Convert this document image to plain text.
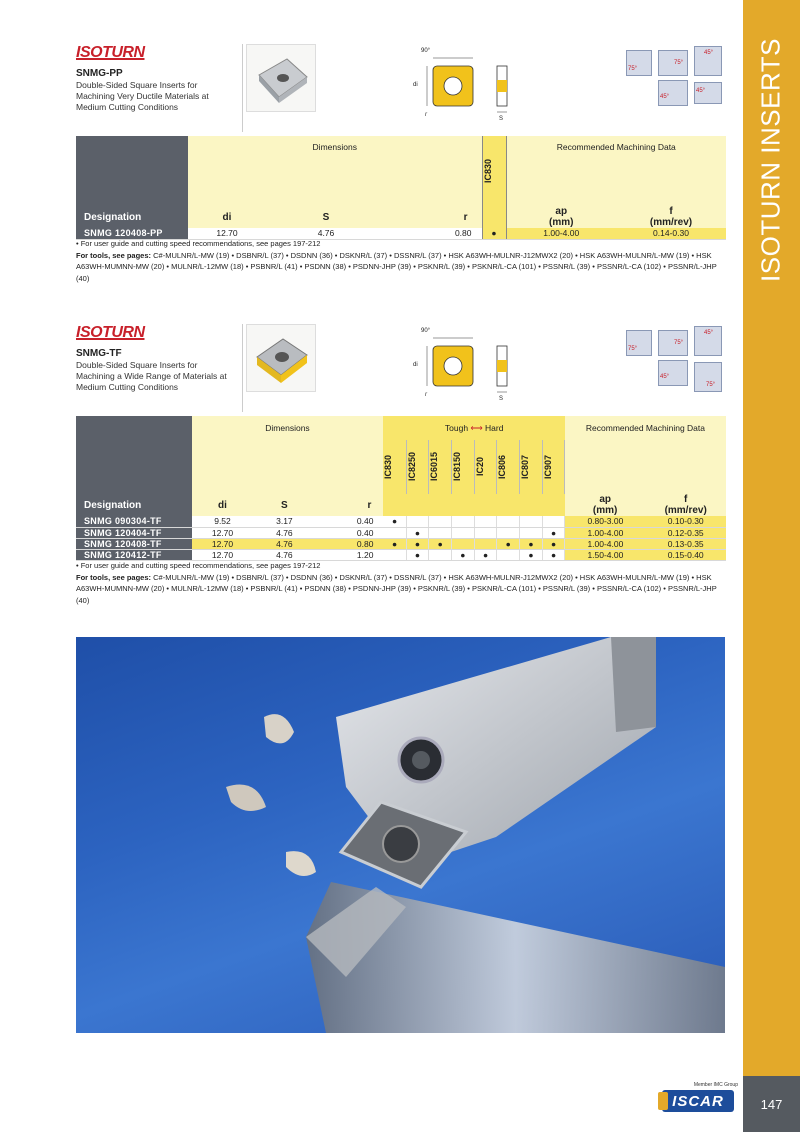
ISOTURN INSERTS
147
Member IMC Group
ISCAR
ISOTURN
SNMG-PP
Double-Sided Square Inserts for Machining Very Ductile Materials at Medium Cutting Conditions
90°
di
r
S
75°
45°
75°
45°
45°
	Dimensions			IC830	Recommended Machining Data	

Designation	di	S	r		ap
(mm)	f
(mm/rev)
SNMG 120408-PP	12.70	4.76	0.80	●	1.00-4.00	0.14-0.30
• For user guide and cutting speed recommendations, see pages 197-212
For tools, see pages: C#-MULNR/L-MW (19) • DSBNR/L (37) • DSDNN (36) • DSKNR/L (37) • DSSNR/L (37) • HSK A63WH-MULNR-J12MWX2 (20) • HSK A63WH-MULNR/L-MW (19) • HSK A63WH-MUMNN-MW (20) • MULNR/L-12MW (18) • PSBNR/L (41) • PSDNN (38) • PSDNN-JHP (39) • PSKNR/L (39) • PSKNR/L-CA (101) • PSSNR/L (39) • PSSNR/L-CA (102) • PSSNR/L-JHP (40)
ISOTURN
SNMG-TF
Double-Sided Square Inserts for Machining a Wide Range of Materials at Medium Cutting Conditions
90°
di
r
S
75°
45°
75°
45°
75°
	Dimensions			Tough ⟷ Hard								Recommended Machining Data	

				IC830	IC8250	IC6015	IC8150	IC20	IC806	IC807	IC907		

Designation	di	S	r									ap
(mm)	f
(mm/rev)
SNMG 090304-TF	9.52	3.17	0.40	●								0.80-3.00	0.10-0.30
SNMG 120404-TF	12.70	4.76	0.40		●						●	1.00-4.00	0.12-0.35
SNMG 120408-TF	12.70	4.76	0.80	●	●	●			●	●	●	1.00-4.00	0.13-0.35
SNMG 120412-TF	12.70	4.76	1.20		●		●	●		●	●	1.50-4.00	0.15-0.40
• For user guide and cutting speed recommendations, see pages 197-212
For tools, see pages: C#-MULNR/L-MW (19) • DSBNR/L (37) • DSDNN (36) • DSKNR/L (37) • DSSNR/L (37) • HSK A63WH-MULNR-J12MWX2 (20) • HSK A63WH-MULNR/L-MW (19) • HSK A63WH-MUMNN-MW (20) • MULNR/L-12MW (18) • PSBNR/L (41) • PSDNN (38) • PSDNN-JHP (39) • PSKNR/L (39) • PSKNR/L-CA (101) • PSSNR/L (39) • PSSNR/L-CA (102) • PSSNR/L-JHP (40)
